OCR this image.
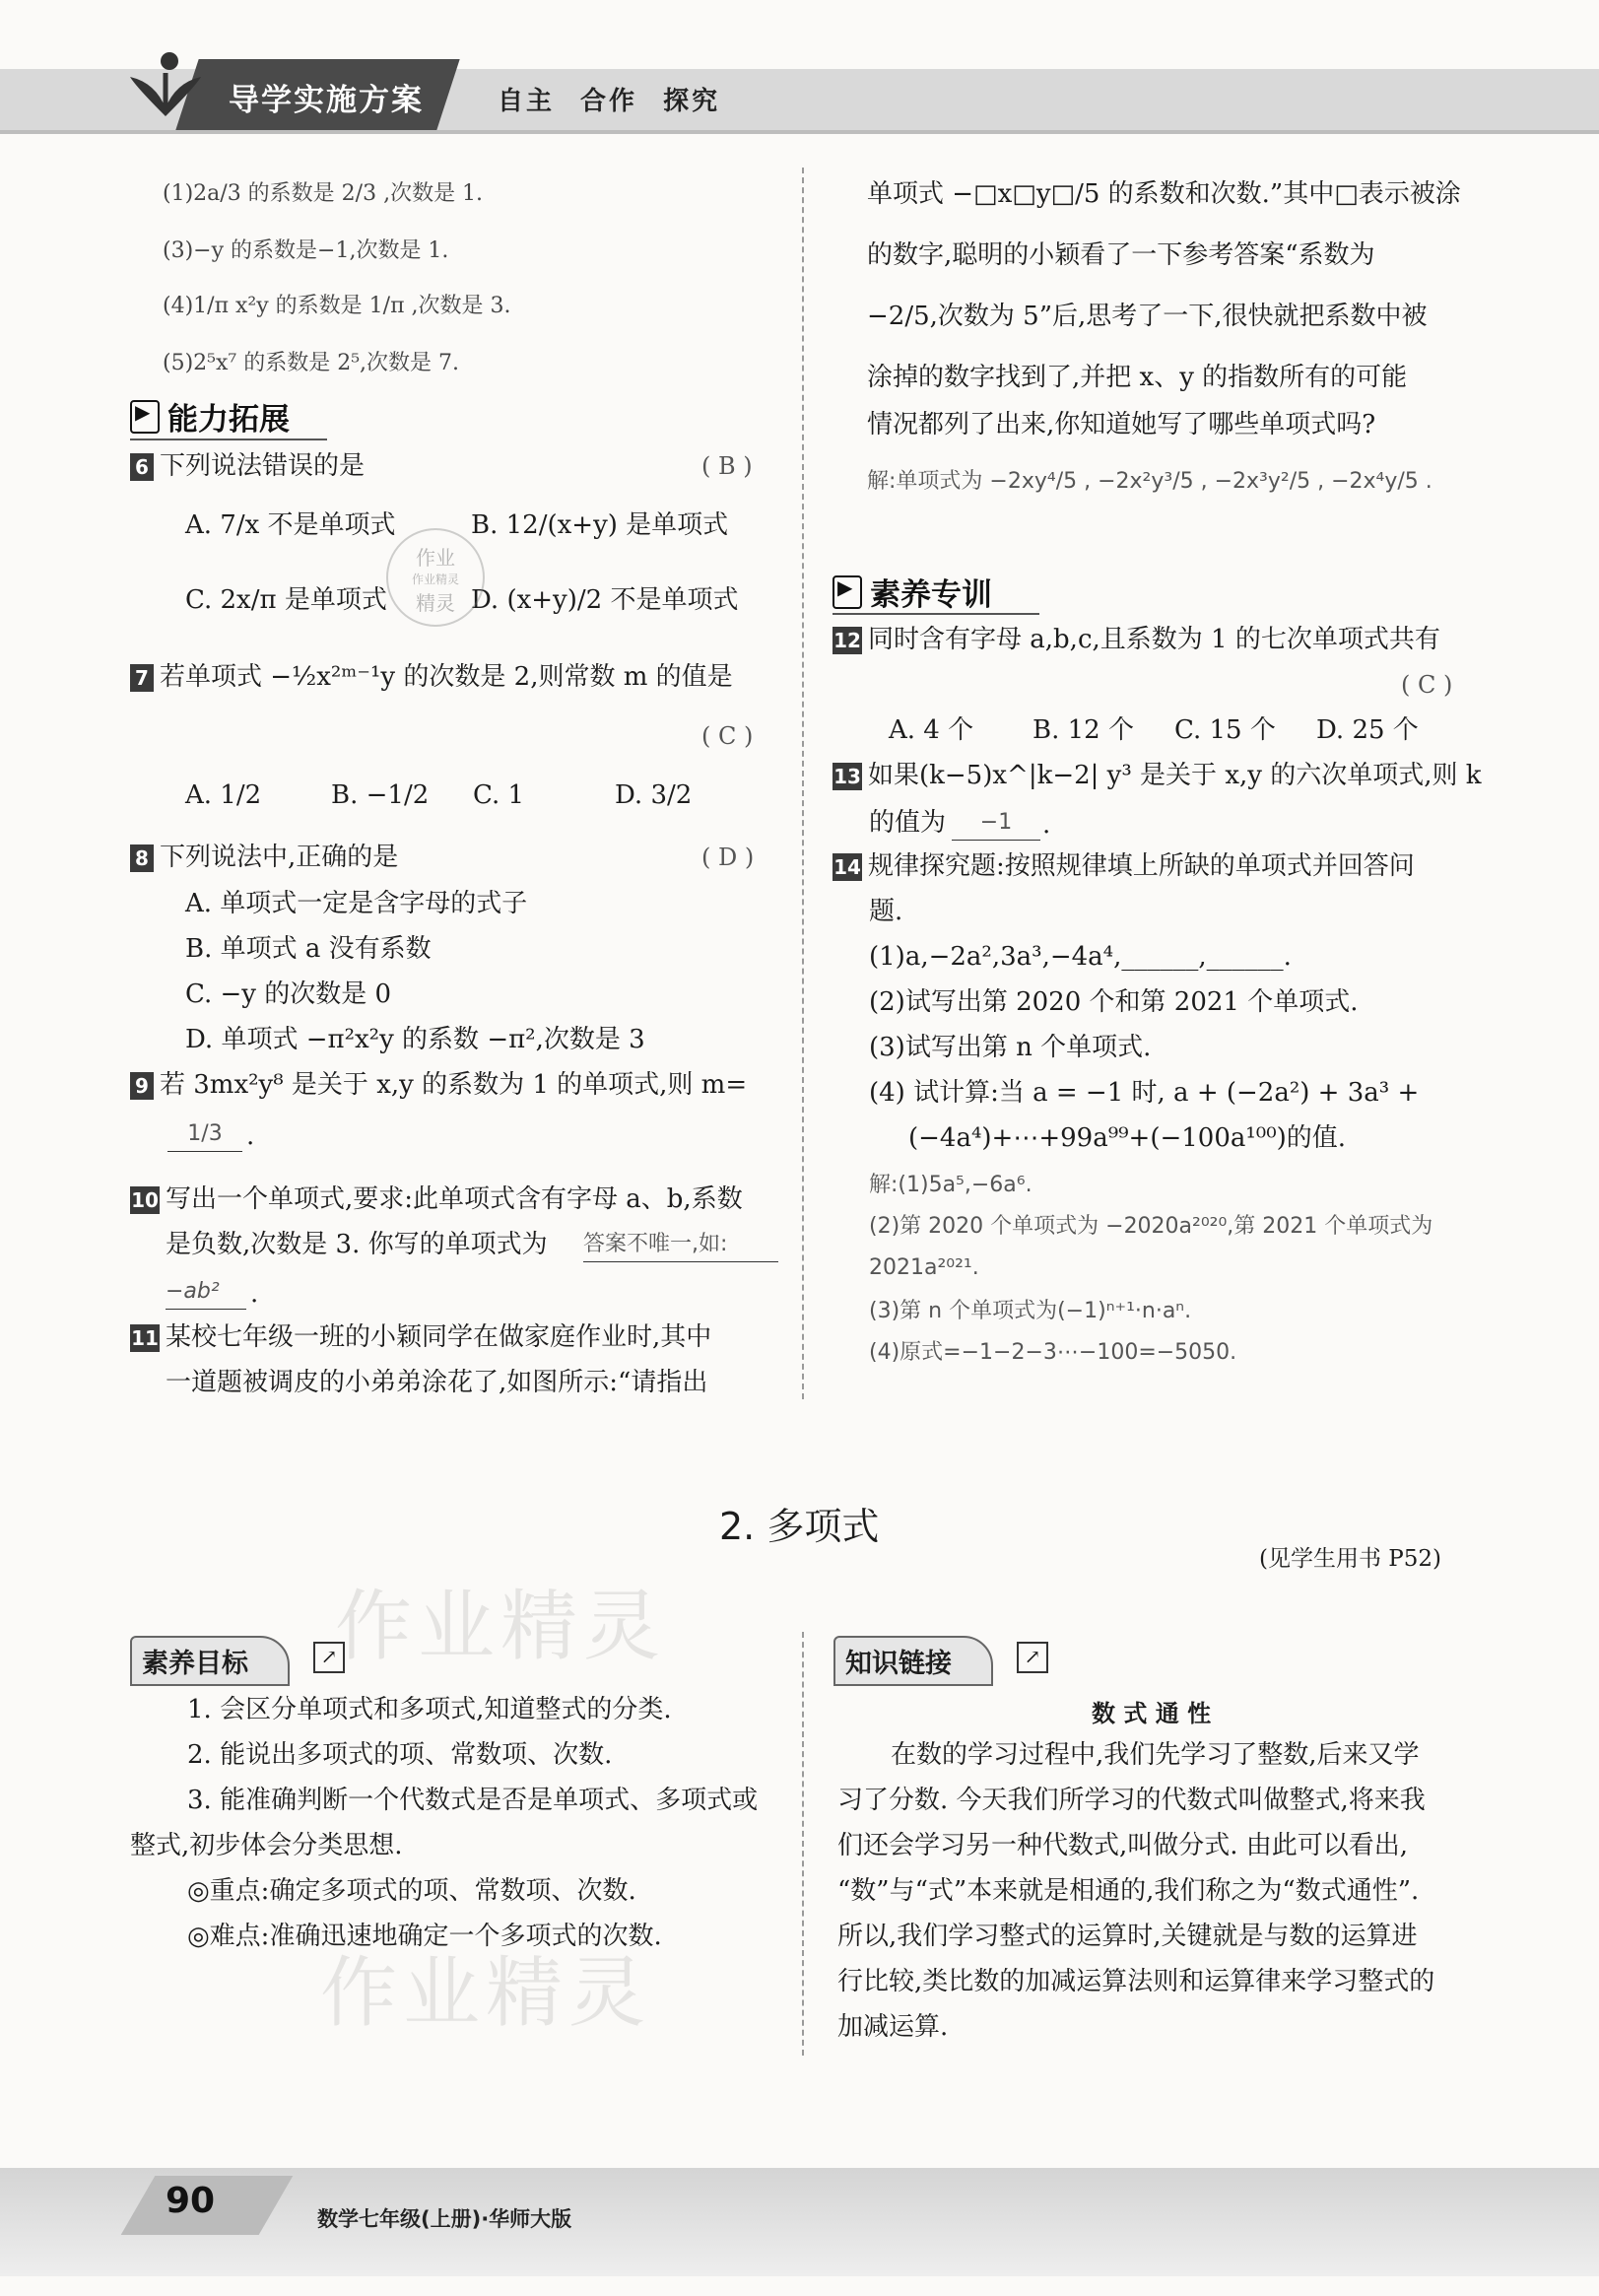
导学实施方案	自主 合作 探究
(1)2a/3 的系数是 2/3 ,次数是 1.
(3)−y 的系数是−1,次数是 1.
(4)1/π x²y 的系数是 1/π ,次数是 3.
(5)2⁵x⁷ 的系数是 2⁵,次数是 7.
▶能力拓展
6 下列说法错误的是	( B )
A. 7/x 不是单项式	B. 12/(x+y) 是单项式
C. 2x/π 是单项式	D. (x+y)/2 不是单项式
作业
作业精灵
精灵
7 若单项式 −½x²ᵐ⁻¹y 的次数是 2,则常数 m 的值是
( C )
A. 1/2	B. −1/2 C. 1	D. 3/2
8 下列说法中,正确的是	( D )
A. 单项式一定是含字母的式子
B. 单项式 a 没有系数
C. −y 的次数是 0
D. 单项式 −π²x²y 的系数 −π²,次数是 3
9 若 3mx²y⁸ 是关于 x,y 的系数为 1 的单项式,则 m=
1/3 .
10 写出一个单项式,要求:此单项式含有字母 a、b,系数
是负数,次数是 3. 你写的单项式为 答案不唯一,如:
−ab²	.
11 某校七年级一班的小颖同学在做家庭作业时,其中
一道题被调皮的小弟弟涂花了,如图所示:“请指出
单项式 −□x□y□/5 的系数和次数.”其中□表示被涂
的数字,聪明的小颖看了一下参考答案“系数为
−2/5,次数为 5”后,思考了一下,很快就把系数中被
涂掉的数字找到了,并把 x、y 的指数所有的可能
情况都列了出来,你知道她写了哪些单项式吗?
解:单项式为 −2xy⁴/5 , −2x²y³/5 , −2x³y²/5 , −2x⁴y/5 .
▶素养专训
12 同时含有字母 a,b,c,且系数为 1 的七次单项式共有
( C )
A. 4 个 B. 12 个 C. 15 个 D. 25 个
13 如果(k−5)x^|k−2| y³ 是关于 x,y 的六次单项式,则 k
的值为	−1	.
14 规律探究题:按照规律填上所缺的单项式并回答问
题.
(1)a,−2a²,3a³,−4a⁴,______,______.
(2)试写出第 2020 个和第 2021 个单项式.
(3)试写出第 n 个单项式.
(4) 试计算:当 a = −1 时, a + (−2a²) + 3a³ +
(−4a⁴)+⋯+99a⁹⁹+(−100a¹⁰⁰)的值.
解:(1)5a⁵,−6a⁶.
(2)第 2020 个单项式为 −2020a²⁰²⁰,第 2021 个单项式为
2021a²⁰²¹.
(3)第 n 个单项式为(−1)ⁿ⁺¹·n·aⁿ.
(4)原式=−1−2−3⋯−100=−5050.
2. 多项式
(见学生用书 P52)
作业精灵
作业精灵
素养目标	↗
1. 会区分单项式和多项式,知道整式的分类.
2. 能说出多项式的项、常数项、次数.
3. 能准确判断一个代数式是否是单项式、多项式或
整式,初步体会分类思想.
◎重点:确定多项式的项、常数项、次数.
◎难点:准确迅速地确定一个多项式的次数.
知识链接	↗
数 式 通 性
在数的学习过程中,我们先学习了整数,后来又学
习了分数. 今天我们所学习的代数式叫做整式,将来我
们还会学习另一种代数式,叫做分式. 由此可以看出,
“数”与“式”本来就是相通的,我们称之为“数式通性”.
所以,我们学习整式的运算时,关键就是与数的运算进
行比较,类比数的加减运算法则和运算律来学习整式的
加减运算.
90	数学七年级(上册)·华师大版
